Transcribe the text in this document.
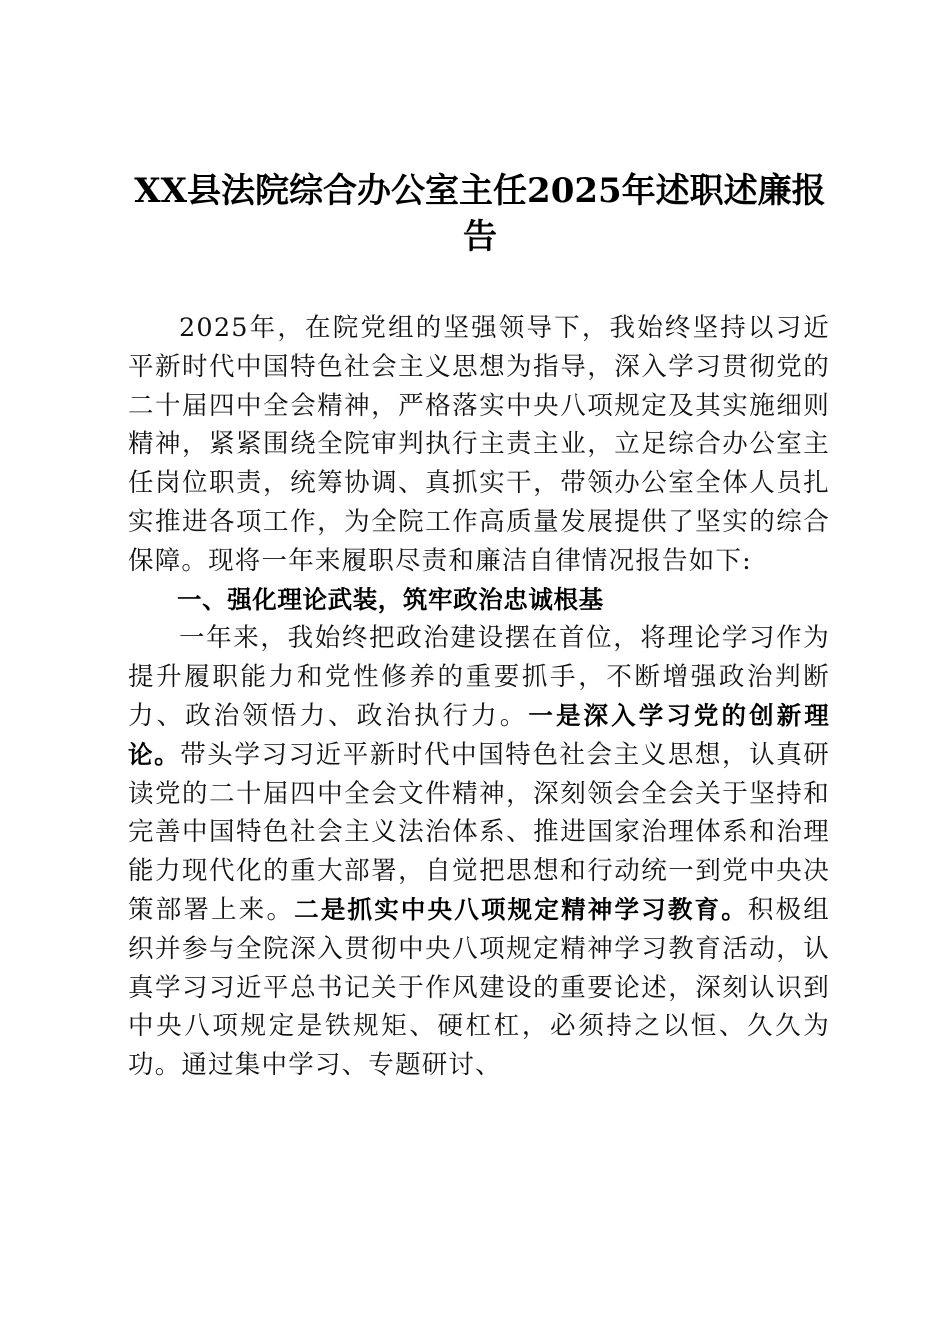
XX县法院综合办公室主任2025年述职述廉报告

2025年，在院党组的坚强领导下，我始终坚持以习近平新时代中国特色社会主义思想为指导，深入学习贯彻党的二十届四中全会精神，严格落实中央八项规定及其实施细则精神，紧紧围绕全院审判执行主责主业，立足综合办公室主任岗位职责，统筹协调、真抓实干，带领办公室全体人员扎实推进各项工作，为全院工作高质量发展提供了坚实的综合保障。现将一年来履职尽责和廉洁自律情况报告如下:

一、强化理论武装，筑牢政治忠诚根基

一年来，我始终把政治建设摆在首位，将理论学习作为提升履职能力和党性修养的重要抓手，不断增强政治判断力、政治领悟力、政治执行力。一是深入学习党的创新理论。带头学习习近平新时代中国特色社会主义思想，认真研读党的二十届四中全会文件精神，深刻领会全会关于坚持和完善中国特色社会主义法治体系、推进国家治理体系和治理能力现代化的重大部署，自觉把思想和行动统一到党中央决策部署上来。二是抓实中央八项规定精神学习教育。积极组织并参与全院深入贯彻中央八项规定精神学习教育活动，认真学习习近平总书记关于作风建设的重要论述，深刻认识到中央八项规定是铁规矩、硬杠杠，必须持之以恒、久久为功。通过集中学习、专题研讨、
